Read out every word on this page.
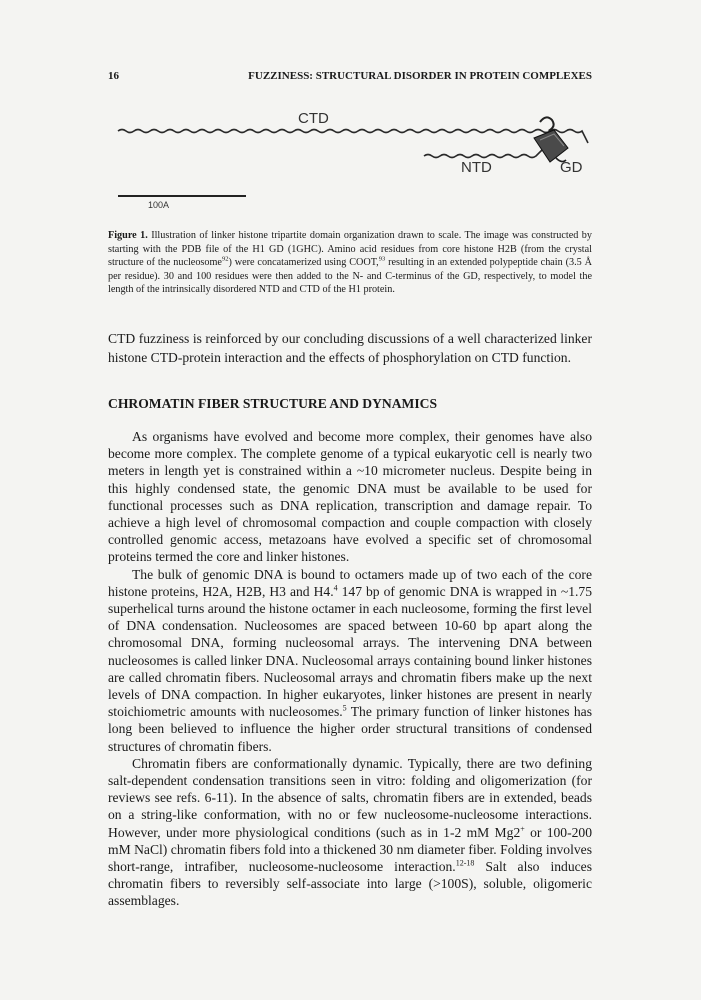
16	FUZZINESS: STRUCTURAL DISORDER IN PROTEIN COMPLEXES
CTD
NTD	GD
100A
Figure 1. Illustration of linker histone tripartite domain organization drawn to scale. The image was constructed by starting with the PDB file of the H1 GD (1GHC). Amino acid residues from core histone H2B (from the crystal structure of the nucleosome$^{92}$) were concatamerized using COOT,$^{93}$ resulting in an extended polypeptide chain (3.5 Å per residue). 30 and 100 residues were then added to the N- and C-terminus of the GD, respectively, to model the length of the intrinsically disordered NTD and CTD of the H1 protein.
CTD fuzziness is reinforced by our concluding discussions of a well characterized linker histone CTD-protein interaction and the effects of phosphorylation on CTD function.
CHROMATIN FIBER STRUCTURE AND DYNAMICS

As organisms have evolved and become more complex, their genomes have also become more complex. The complete genome of a typical eukaryotic cell is nearly two meters in length yet is constrained within a ~10 micrometer nucleus. Despite being in this highly condensed state, the genomic DNA must be available to be used for functional processes such as DNA replication, transcription and damage repair. To achieve a high level of chromosomal compaction and couple compaction with closely controlled genomic access, metazoans have evolved a specific set of chromosomal proteins termed the core and linker histones.

The bulk of genomic DNA is bound to octamers made up of two each of the core histone proteins, H2A, H2B, H3 and H4.$^4$ 147 bp of genomic DNA is wrapped in ~1.75 superhelical turns around the histone octamer in each nucleosome, forming the first level of DNA condensation. Nucleosomes are spaced between 10-60 bp apart along the chromosomal DNA, forming nucleosomal arrays. The intervening DNA between nucleosomes is called linker DNA. Nucleosomal arrays containing bound linker histones are called chromatin fibers. Nucleosomal arrays and chromatin fibers make up the next levels of DNA compaction. In higher eukaryotes, linker histones are present in nearly stoichiometric amounts with nucleosomes.$^5$ The primary function of linker histones has long been believed to influence the higher order structural transitions of condensed structures of chromatin fibers.

Chromatin fibers are conformationally dynamic. Typically, there are two defining salt-dependent condensation transitions seen in vitro: folding and oligomerization (for reviews see refs. 6-11). In the absence of salts, chromatin fibers are in extended, beads on a string-like conformation, with no or few nucleosome-nucleosome interactions. However, under more physiological conditions (such as in 1-2 mM Mg2+ or 100-200 mM NaCl) chromatin fibers fold into a thickened 30 nm diameter fiber. Folding involves short-range, intrafiber, nucleosome-nucleosome interaction.$^{12-18}$ Salt also induces chromatin fibers to reversibly self-associate into large (>100S), soluble, oligomeric assemblages.
